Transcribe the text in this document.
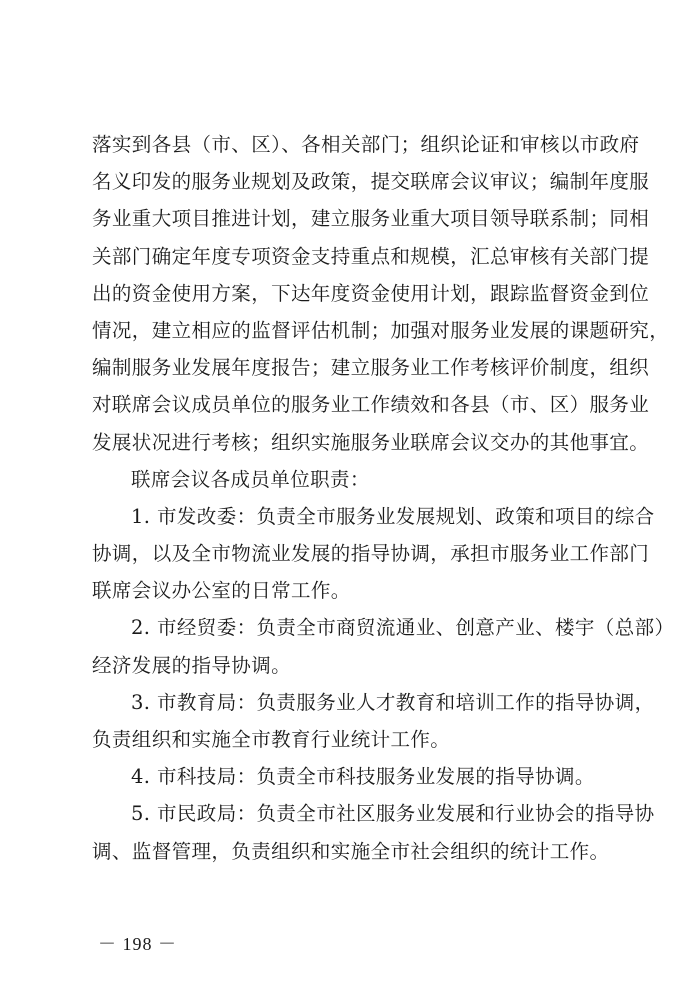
落实到各县（市、区）、各相关部门；组织论证和审核以市政府
名义印发的服务业规划及政策，提交联席会议审议；编制年度服
务业重大项目推进计划，建立服务业重大项目领导联系制；同相
关部门确定年度专项资金支持重点和规模，汇总审核有关部门提
出的资金使用方案，下达年度资金使用计划，跟踪监督资金到位
情况，建立相应的监督评估机制；加强对服务业发展的课题研究，
编制服务业发展年度报告；建立服务业工作考核评价制度，组织
对联席会议成员单位的服务业工作绩效和各县（市、区）服务业
发展状况进行考核；组织实施服务业联席会议交办的其他事宜。
联席会议各成员单位职责：
1. 市发改委：负责全市服务业发展规划、政策和项目的综合
协调，以及全市物流业发展的指导协调，承担市服务业工作部门
联席会议办公室的日常工作。
2. 市经贸委：负责全市商贸流通业、创意产业、楼宇（总部）
经济发展的指导协调。
3. 市教育局：负责服务业人才教育和培训工作的指导协调，
负责组织和实施全市教育行业统计工作。
4. 市科技局：负责全市科技服务业发展的指导协调。
5. 市民政局：负责全市社区服务业发展和行业协会的指导协
调、监督管理，负责组织和实施全市社会组织的统计工作。
－ 198 －
